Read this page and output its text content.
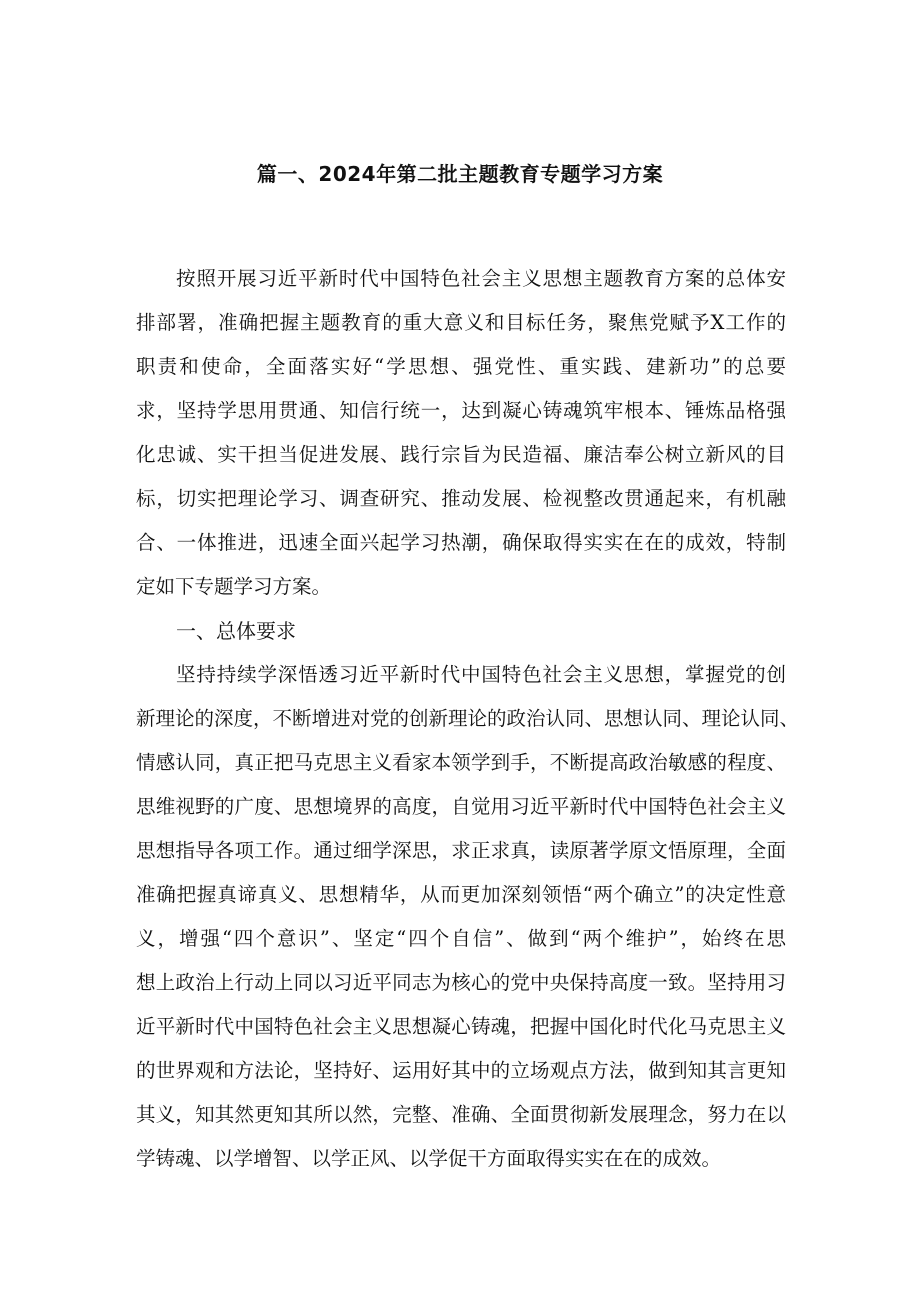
篇一、2024年第二批主题教育专题学习方案
按照开展习近平新时代中国特色社会主义思想主题教育方案的总体安
排部署，准确把握主题教育的重大意义和目标任务，聚焦党赋予X工作的
职责和使命，全面落实好“学思想、强党性、重实践、建新功”的总要
求，坚持学思用贯通、知信行统一，达到凝心铸魂筑牢根本、锤炼品格强
化忠诚、实干担当促进发展、践行宗旨为民造福、廉洁奉公树立新风的目
标，切实把理论学习、调查研究、推动发展、检视整改贯通起来，有机融
合、一体推进，迅速全面兴起学习热潮，确保取得实实在在的成效，特制
定如下专题学习方案。
一、总体要求
坚持持续学深悟透习近平新时代中国特色社会主义思想，掌握党的创
新理论的深度，不断增进对党的创新理论的政治认同、思想认同、理论认同、
情感认同，真正把马克思主义看家本领学到手，不断提高政治敏感的程度、
思维视野的广度、思想境界的高度，自觉用习近平新时代中国特色社会主义
思想指导各项工作。通过细学深思，求正求真，读原著学原文悟原理，全面
准确把握真谛真义、思想精华，从而更加深刻领悟“两个确立”的决定性意
义，增强“四个意识”、坚定“四个自信”、做到“两个维护”，始终在思
想上政治上行动上同以习近平同志为核心的党中央保持高度一致。坚持用习
近平新时代中国特色社会主义思想凝心铸魂，把握中国化时代化马克思主义
的世界观和方法论，坚持好、运用好其中的立场观点方法，做到知其言更知
其义，知其然更知其所以然，完整、准确、全面贯彻新发展理念，努力在以
学铸魂、以学增智、以学正风、以学促干方面取得实实在在的成效。
